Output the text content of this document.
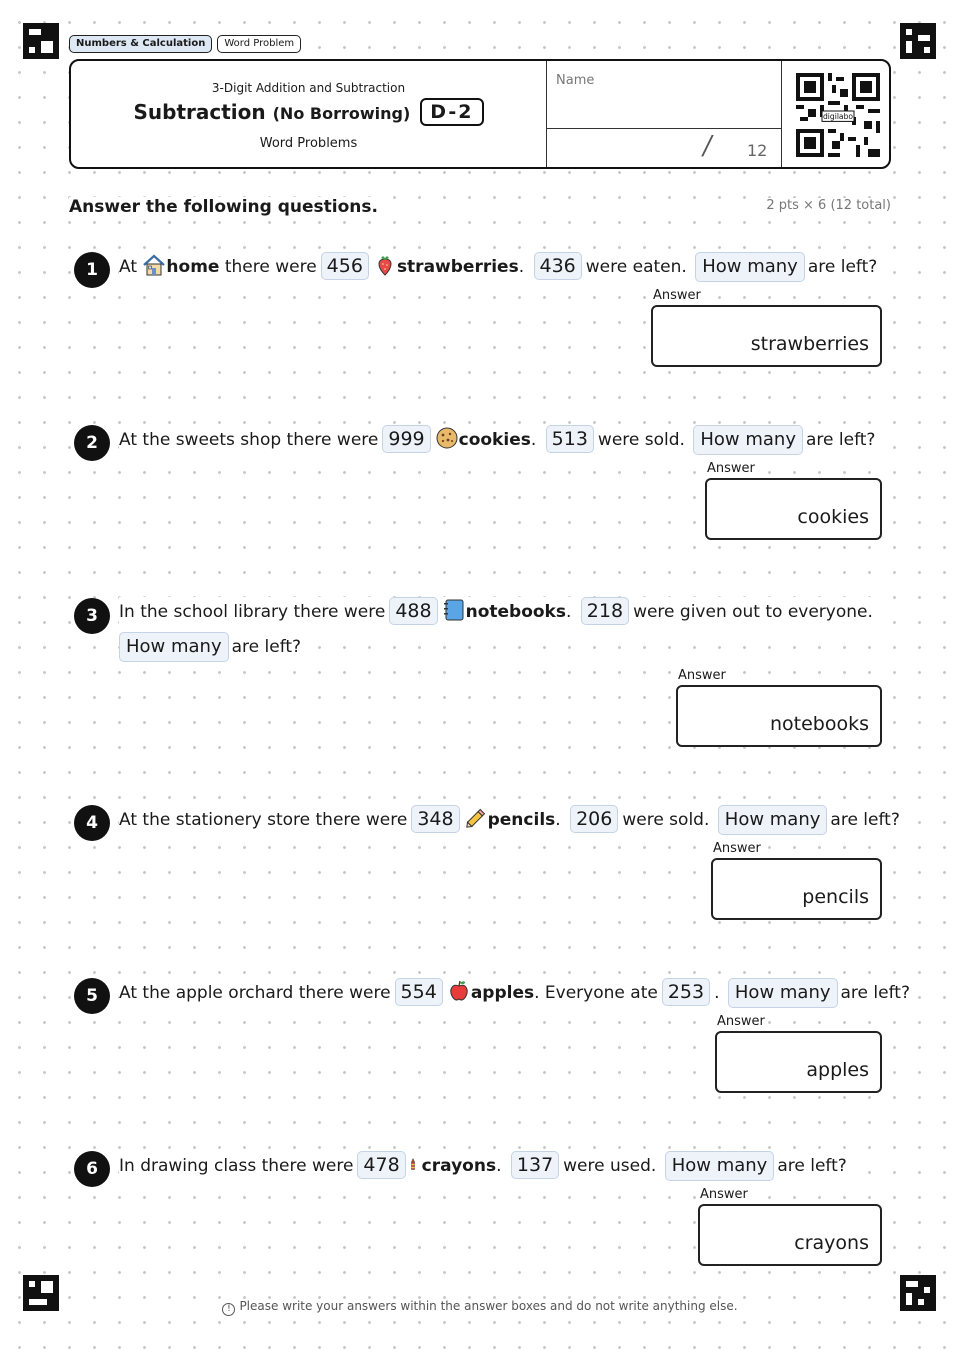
Numbers & Calculation	Word Problem
3-Digit Addition and Subtraction
Subtraction (No Borrowing)	D-2
Word Problems
Name
/ 12
digilabo
Answer the following questions.	2 pts × 6 (12 total)
1	At home there were 456 strawberries. 436 were eaten. How many are left?
Answer
strawberries
2	At the sweets shop there were 999 cookies. 513 were sold. How many are left?
Answer
cookies
3	In the school library there were 488 notebooks. 218 were given out to everyone.
How many are left?
Answer
notebooks
4	At the stationery store there were 348 pencils. 206 were sold. How many are left?
Answer
pencils
5	At the apple orchard there were 554 apples. Everyone ate 253 . How many are left?
Answer
apples
6	In drawing class there were 478 crayons. 137 were used. How many are left?
Answer
crayons
! Please write your answers within the answer boxes and do not write anything else.
